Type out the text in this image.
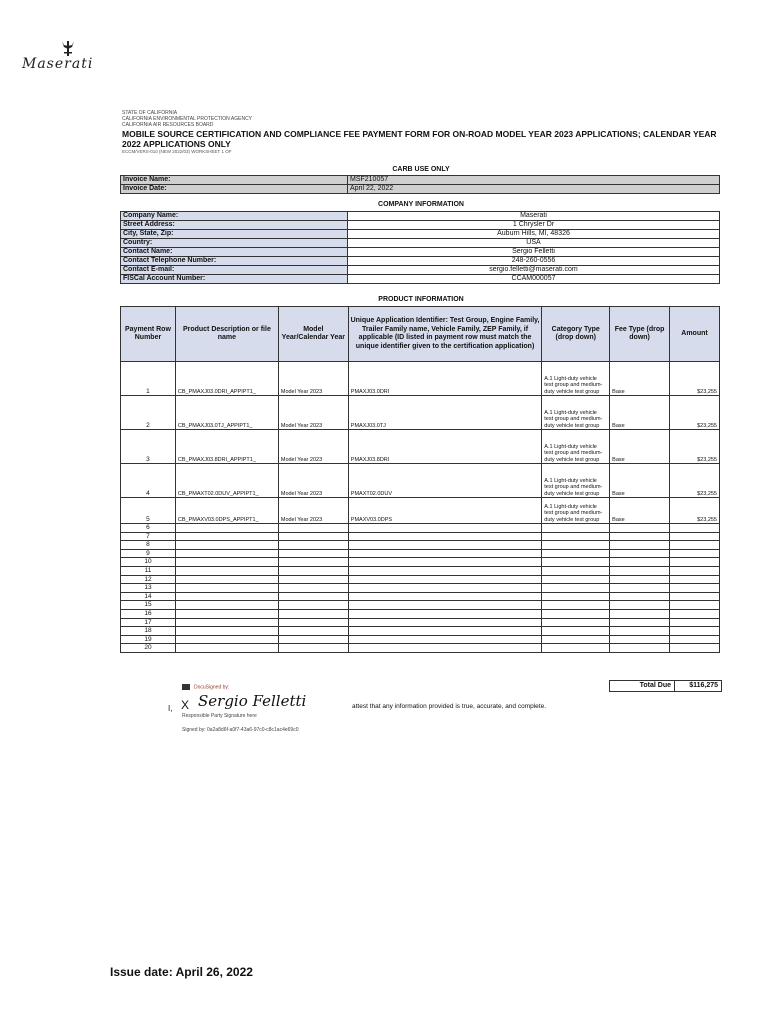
Maserati
STATE OF CALIFORNIA
CALIFORNIA ENVIRONMENTAL PROTECTION AGENCY
CALIFORNIA AIR RESOURCES BOARD
MOBILE SOURCE CERTIFICATION AND COMPLIANCE FEE PAYMENT FORM FOR ON-ROAD MODEL YEAR 2023 APPLICATIONS; CALENDAR YEAR 2022 APPLICATIONS ONLY
ECCM/VERS-010 (NEW 2022/03) WORKSHEET 1 OF
CARB USE ONLY
Invoice Name:	MSF210057
Invoice Date:	April 22, 2022
COMPANY INFORMATION
Company Name:	Maserati
Street Address:	1 Chrysler Dr
City, State, Zip:	Auburn Hills, MI, 48326
Country:	USA
Contact Name:	Sergio Felletti
Contact Telephone Number:	248-260-0556
Contact E-mail:	sergio.felletti@maserati.com
FISCal Account Number:	CCAM000057
PRODUCT INFORMATION
Payment Row Number	Product Description or file name	Model Year/Calendar Year	Unique Application Identifier: Test Group, Engine Family, Trailer Family name, Vehicle Family, ZEP Family, if applicable (ID listed in payment row must match the unique identifier given to the certification application)	Category Type (drop down)	Fee Type (drop down)	Amount
1	CB_PMAXJ03.0DRI_APPIPT1_	Model Year 2023	PMAXJ03.0DRI	A.1 Light-duty vehicle test group and medium-duty vehicle test group	Base	$23,255
2	CB_PMAXJ03.0TJ_APPIPT1_	Model Year 2023	PMAXJ03.0TJ	A.1 Light-duty vehicle test group and medium-duty vehicle test group	Base	$23,255
3	CB_PMAXJ03.8DRI_APPIPT1_	Model Year 2023	PMAXJ03.8DRI	A.1 Light-duty vehicle test group and medium-duty vehicle test group	Base	$23,255
4	CB_PMAXT02.0DUV_APPIPT1_	Model Year 2023	PMAXT02.0DUV	A.1 Light-duty vehicle test group and medium-duty vehicle test group	Base	$23,255
5	CB_PMAXV03.0DPS_APPIPT1_	Model Year 2023	PMAXV03.0DPS	A.1 Light-duty vehicle test group and medium-duty vehicle test group	Base	$23,255
6						
7						
8						
9						
10						
11						
12						
13						
14						
15						
16						
17						
18						
19						
20						
Total Due	$116,275
DocuSigned by:
I, X Sergio Felletti
Responsible Party Signature here
Signed by: 0a2a8d6f-a0f7-43a6-97c0-c8c1ac4e69c0
attest that any information provided is true, accurate, and complete.
Issue date: April 26, 2022
